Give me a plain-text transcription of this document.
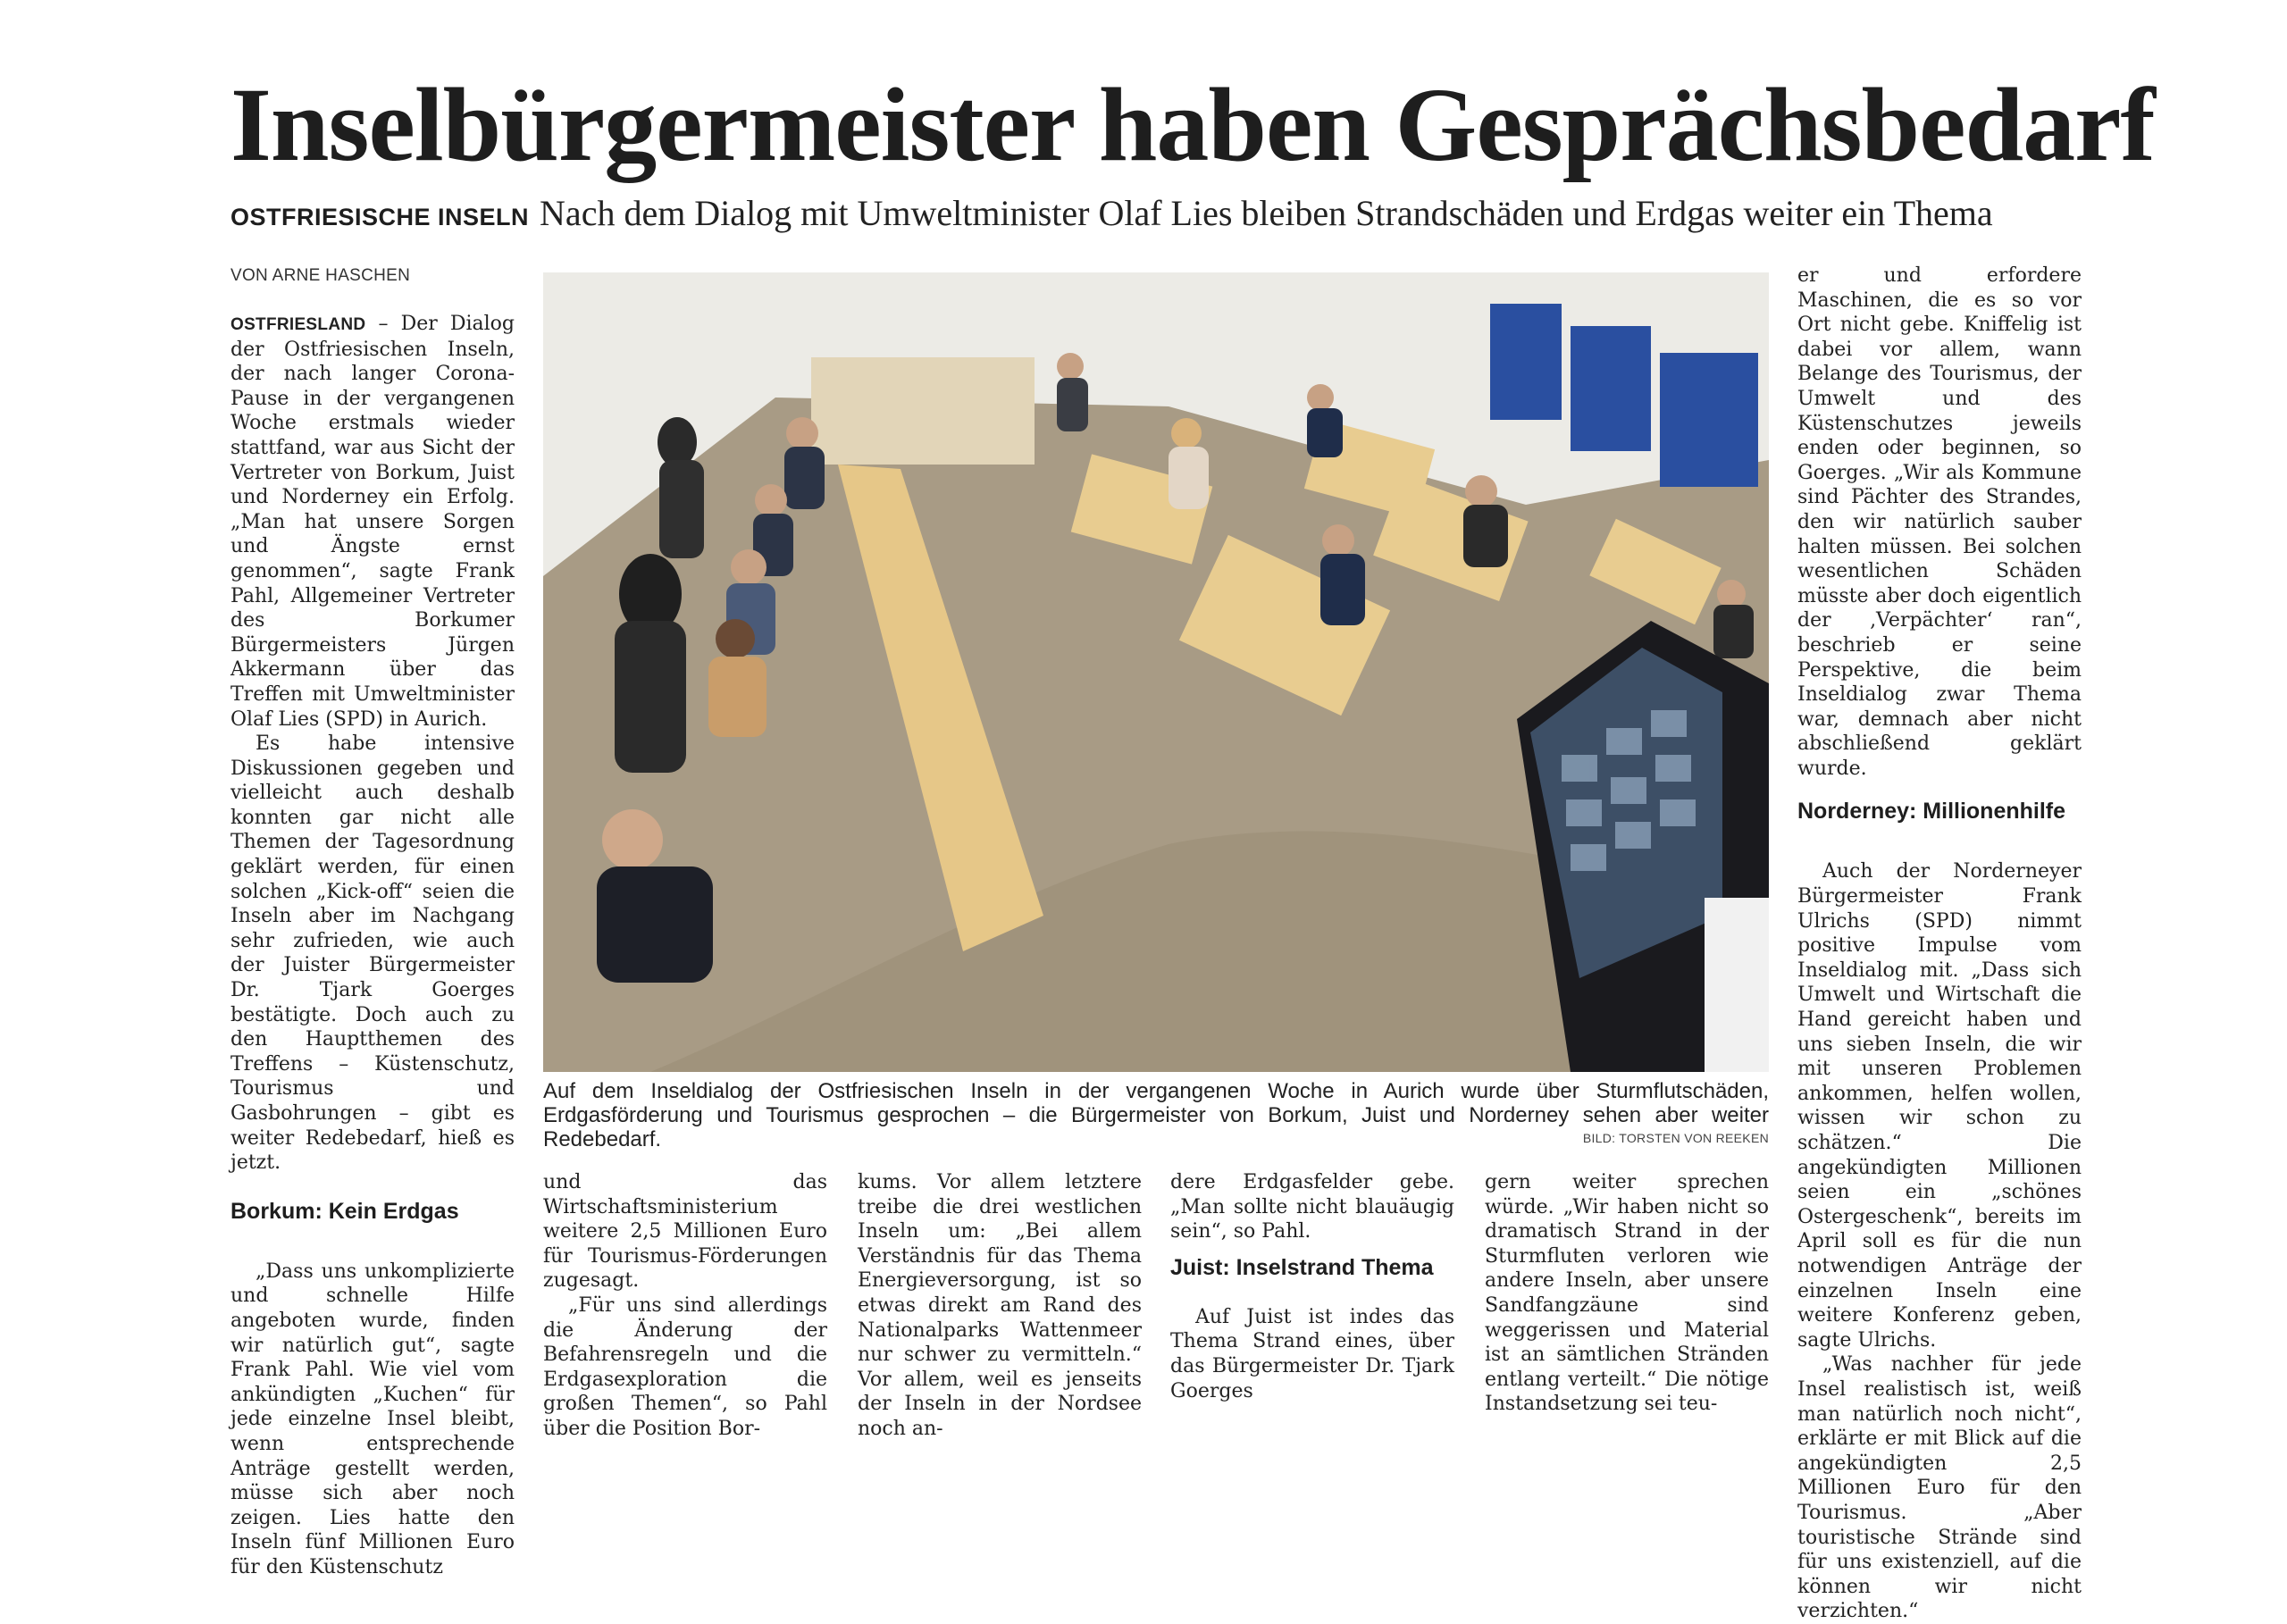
Inselbürgermeister haben Gesprächsbedarf
OSTFRIESISCHE INSELN Nach dem Dialog mit Umweltminister Olaf Lies bleiben Strandschäden und Erdgas weiter ein Thema
VON ARNE HASCHEN

OSTFRIESLAND – Der Dialog der Ostfriesischen Inseln, der nach langer Corona-Pause in der vergangenen Woche erstmals wieder stattfand, war aus Sicht der Vertreter von Borkum, Juist und Norderney ein Erfolg. „Man hat unsere Sorgen und Ängste ernst genommen“, sagte Frank Pahl, Allgemeiner Vertreter des Borkumer Bürgermeisters Jürgen Akkermann über das Treffen mit Umweltminister Olaf Lies (SPD) in Aurich.

Es habe intensive Diskussionen gegeben und vielleicht auch deshalb konnten gar nicht alle Themen der Tagesordnung geklärt werden, für einen solchen „Kick-off“ seien die Inseln aber im Nachgang sehr zufrieden, wie auch der Juister Bürgermeister Dr. Tjark Goerges bestätigte. Doch auch zu den Hauptthemen des Treffens – Küstenschutz, Tourismus und Gasbohrungen – gibt es weiter Redebedarf, hieß es jetzt.

Borkum: Kein Erdgas

„Dass uns unkomplizierte und schnelle Hilfe angeboten wurde, finden wir natürlich gut“, sagte Frank Pahl. Wie viel vom ankündigten „Kuchen“ für jede einzelne Insel bleibt, wenn entsprechende Anträge gestellt werden, müsse sich aber noch zeigen. Lies hatte den Inseln fünf Millionen Euro für den Küstenschutz

Auf dem Inseldialog der Ostfriesischen Inseln in der vergangenen Woche in Aurich wurde über Sturmflutschäden, Erdgasförderung und Tourismus gesprochen – die Bürgermeister von Borkum, Juist und Norderney sehen aber weiter Redebedarf.	BILD: TORSTEN VON REEKEN

und das Wirtschaftsministerium weitere 2,5 Millionen Euro für Tourismus-Förderungen zugesagt.

„Für uns sind allerdings die Änderung der Befahrensregeln und die Erdgasexploration die großen Themen“, so Pahl über die Position Bor-

kums. Vor allem letztere treibe die drei westlichen Inseln um: „Bei allem Verständnis für das Thema Energieversorgung, ist so etwas direkt am Rand des Nationalparks Wattenmeer nur schwer zu vermitteln.“ Vor allem, weil es jenseits der Inseln in der Nordsee noch an-

dere Erdgasfelder gebe. „Man sollte nicht blauäugig sein“, so Pahl.

Juist: Inselstrand Thema

Auf Juist ist indes das Thema Strand eines, über das Bürgermeister Dr. Tjark Goerges

gern weiter sprechen würde. „Wir haben nicht so dramatisch Strand in der Sturmfluten verloren wie andere Inseln, aber unsere Sandfangzäune sind weggerissen und Material ist an sämtlichen Stränden entlang verteilt.“ Die nötige Instandsetzung sei teu-

er und erfordere Maschinen, die es so vor Ort nicht gebe. Kniffelig ist dabei vor allem, wann Belange des Tourismus, der Umwelt und des Küstenschutzes jeweils enden oder beginnen, so Goerges. „Wir als Kommune sind Pächter des Strandes, den wir natürlich sauber halten müssen. Bei solchen wesentlichen Schäden müsste aber doch eigentlich der ‚Verpächter‘ ran“, beschrieb er seine Perspektive, die beim Inseldialog zwar Thema war, demnach aber nicht abschließend geklärt wurde.

Norderney: Millionenhilfe

Auch der Norderneyer Bürgermeister Frank Ulrichs (SPD) nimmt positive Impulse vom Inseldialog mit. „Dass sich Umwelt und Wirtschaft die Hand gereicht haben und uns sieben Inseln, die wir mit unseren Problemen ankommen, helfen wollen, wissen wir schon zu schätzen.“ Die angekündigten Millionen seien ein „schönes Ostergeschenk“, bereits im April soll es für die nun notwendigen Anträge der einzelnen Inseln eine weitere Konferenz geben, sagte Ulrichs.

„Was nachher für jede Insel realistisch ist, weiß man natürlich noch nicht“, erklärte er mit Blick auf die angekündigten 2,5 Millionen Euro für den Tourismus. „Aber touristische Strände sind für uns existenziell, auf die können wir nicht verzichten.“
